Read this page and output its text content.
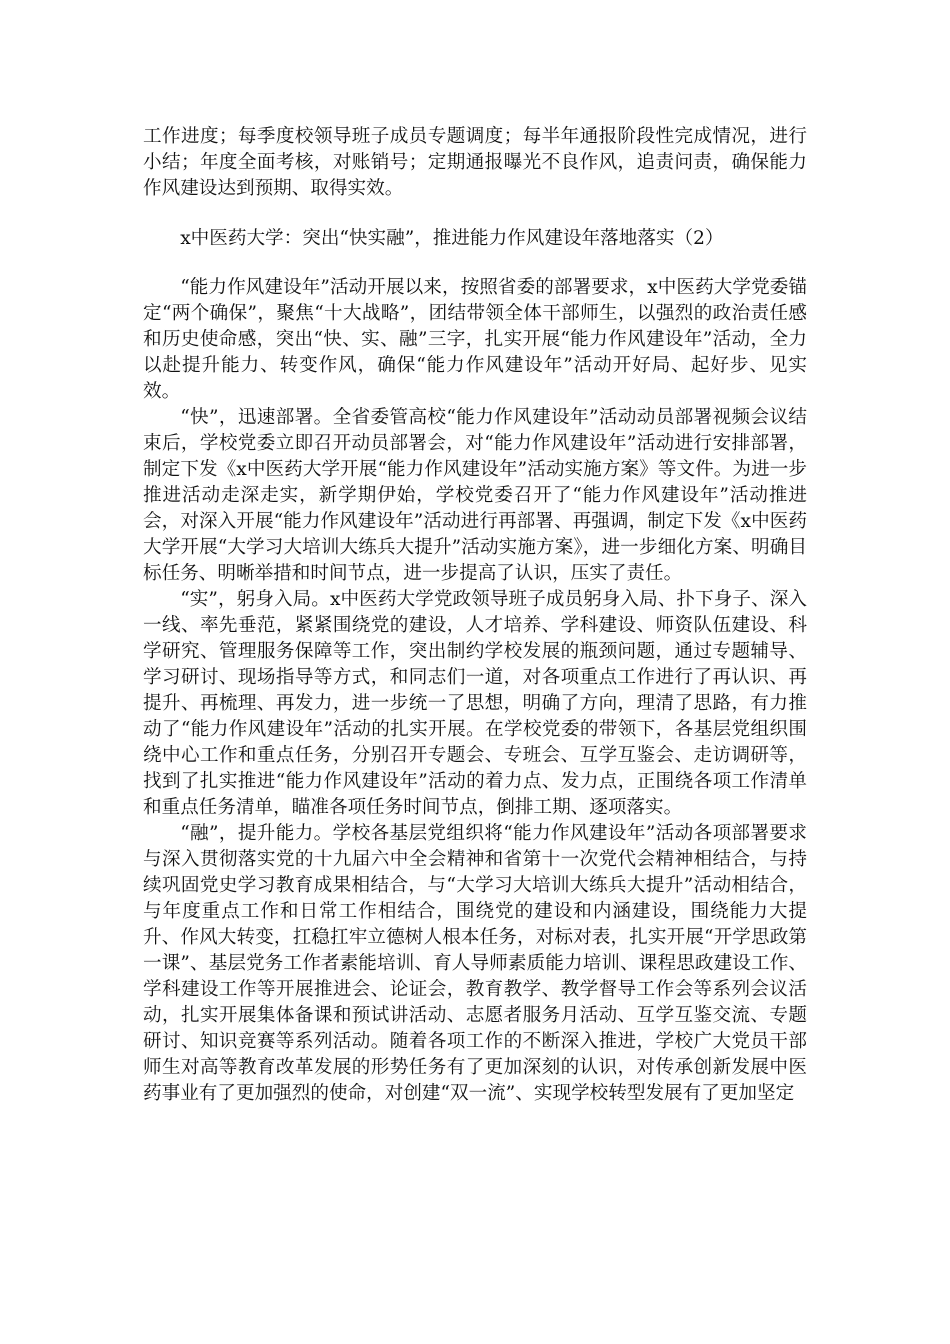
工作进度；每季度校领导班子成员专题调度；每半年通报阶段性完成情况，进行小结；年度全面考核，对账销号；定期通报曝光不良作风，追责问责，确保能力作风建设达到预期、取得实效。

x中医药大学：突出“快实融”，推进能力作风建设年落地落实（2）

“能力作风建设年”活动开展以来，按照省委的部署要求，x中医药大学党委锚定“两个确保”，聚焦“十大战略”，团结带领全体干部师生，以强烈的政治责任感和历史使命感，突出“快、实、融”三字，扎实开展“能力作风建设年”活动，全力以赴提升能力、转变作风，确保“能力作风建设年”活动开好局、起好步、见实效。

“快”，迅速部署。全省委管高校“能力作风建设年”活动动员部署视频会议结束后，学校党委立即召开动员部署会，对“能力作风建设年”活动进行安排部署，制定下发《x中医药大学开展“能力作风建设年”活动实施方案》等文件。为进一步推进活动走深走实，新学期伊始，学校党委召开了“能力作风建设年”活动推进会，对深入开展“能力作风建设年”活动进行再部署、再强调，制定下发《x中医药大学开展“大学习大培训大练兵大提升”活动实施方案》，进一步细化方案、明确目标任务、明晰举措和时间节点，进一步提高了认识，压实了责任。

“实”，躬身入局。x中医药大学党政领导班子成员躬身入局、扑下身子、深入一线、率先垂范，紧紧围绕党的建设，人才培养、学科建设、师资队伍建设、科学研究、管理服务保障等工作，突出制约学校发展的瓶颈问题，通过专题辅导、学习研讨、现场指导等方式，和同志们一道，对各项重点工作进行了再认识、再提升、再梳理、再发力，进一步统一了思想，明确了方向，理清了思路，有力推动了“能力作风建设年”活动的扎实开展。在学校党委的带领下，各基层党组织围绕中心工作和重点任务，分别召开专题会、专班会、互学互鉴会、走访调研等，找到了扎实推进“能力作风建设年”活动的着力点、发力点，正围绕各项工作清单和重点任务清单，瞄准各项任务时间节点，倒排工期、逐项落实。

“融”，提升能力。学校各基层党组织将“能力作风建设年”活动各项部署要求与深入贯彻落实党的十九届六中全会精神和省第十一次党代会精神相结合，与持续巩固党史学习教育成果相结合，与“大学习大培训大练兵大提升”活动相结合，与年度重点工作和日常工作相结合，围绕党的建设和内涵建设，围绕能力大提升、作风大转变，扛稳扛牢立德树人根本任务，对标对表，扎实开展“开学思政第一课”、基层党务工作者素能培训、育人导师素质能力培训、课程思政建设工作、学科建设工作等开展推进会、论证会，教育教学、教学督导工作会等系列会议活动，扎实开展集体备课和预试讲活动、志愿者服务月活动、互学互鉴交流、专题研讨、知识竞赛等系列活动。随着各项工作的不断深入推进，学校广大党员干部师生对高等教育改革发展的形势任务有了更加深刻的认识，对传承创新发展中医药事业有了更加强烈的使命，对创建“双一流”、实现学校转型发展有了更加坚定
